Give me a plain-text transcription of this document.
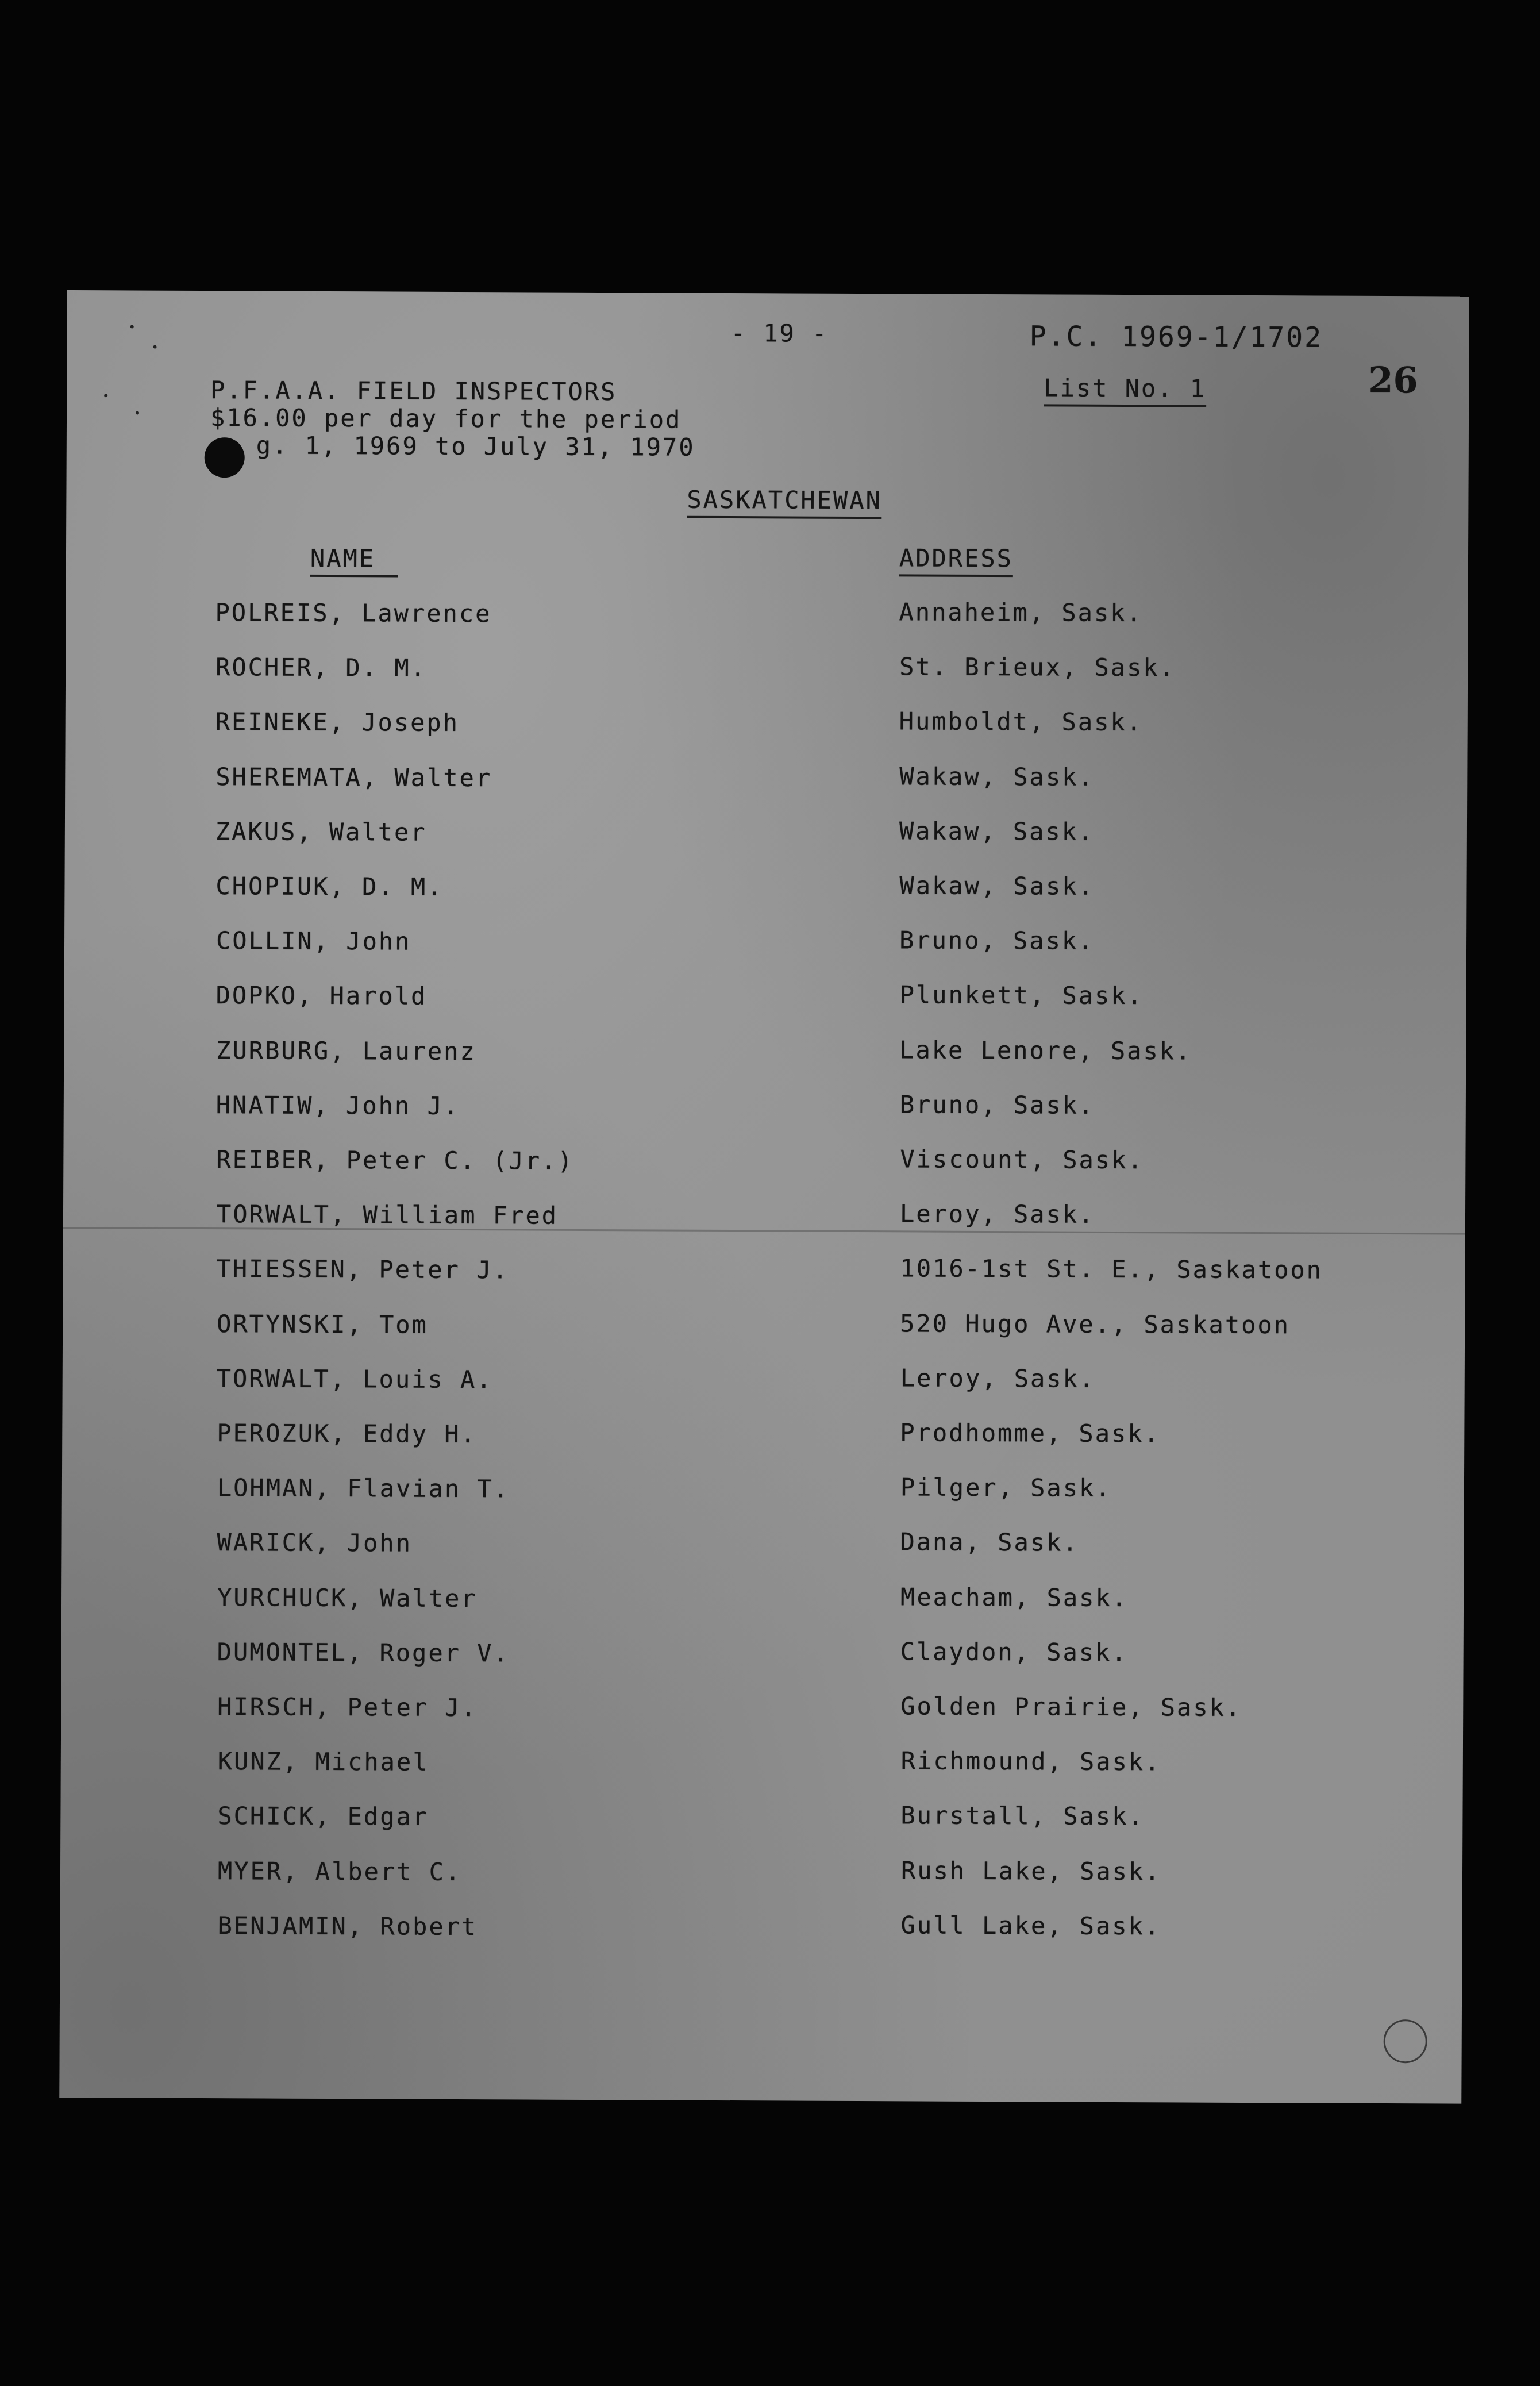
- 19 -	P.C. 1969-1/1702
List No. 1	26
P.F.A.A. FIELD INSPECTORS
$16.00 per day for the period
g. 1, 1969 to July 31, 1970
SASKATCHEWAN
NAME	ADDRESS
POLREIS, Lawrence	Annaheim, Sask.
ROCHER, D. M.	St. Brieux, Sask.
REINEKE, Joseph	Humboldt, Sask.
SHEREMATA, Walter	Wakaw, Sask.
ZAKUS, Walter	Wakaw, Sask.
CHOPIUK, D. M.	Wakaw, Sask.
COLLIN, John	Bruno, Sask.
DOPKO, Harold	Plunkett, Sask.
ZURBURG, Laurenz	Lake Lenore, Sask.
HNATIW, John J.	Bruno, Sask.
REIBER, Peter C. (Jr.)	Viscount, Sask.
TORWALT, William Fred	Leroy, Sask.
THIESSEN, Peter J.	1016-1st St. E., Saskatoon
ORTYNSKI, Tom	520 Hugo Ave., Saskatoon
TORWALT, Louis A.	Leroy, Sask.
PEROZUK, Eddy H.	Prodhomme, Sask.
LOHMAN, Flavian T.	Pilger, Sask.
WARICK, John	Dana, Sask.
YURCHUCK, Walter	Meacham, Sask.
DUMONTEL, Roger V.	Claydon, Sask.
HIRSCH, Peter J.	Golden Prairie, Sask.
KUNZ, Michael	Richmound, Sask.
SCHICK, Edgar	Burstall, Sask.
MYER, Albert C.	Rush Lake, Sask.
BENJAMIN, Robert	Gull Lake, Sask.
